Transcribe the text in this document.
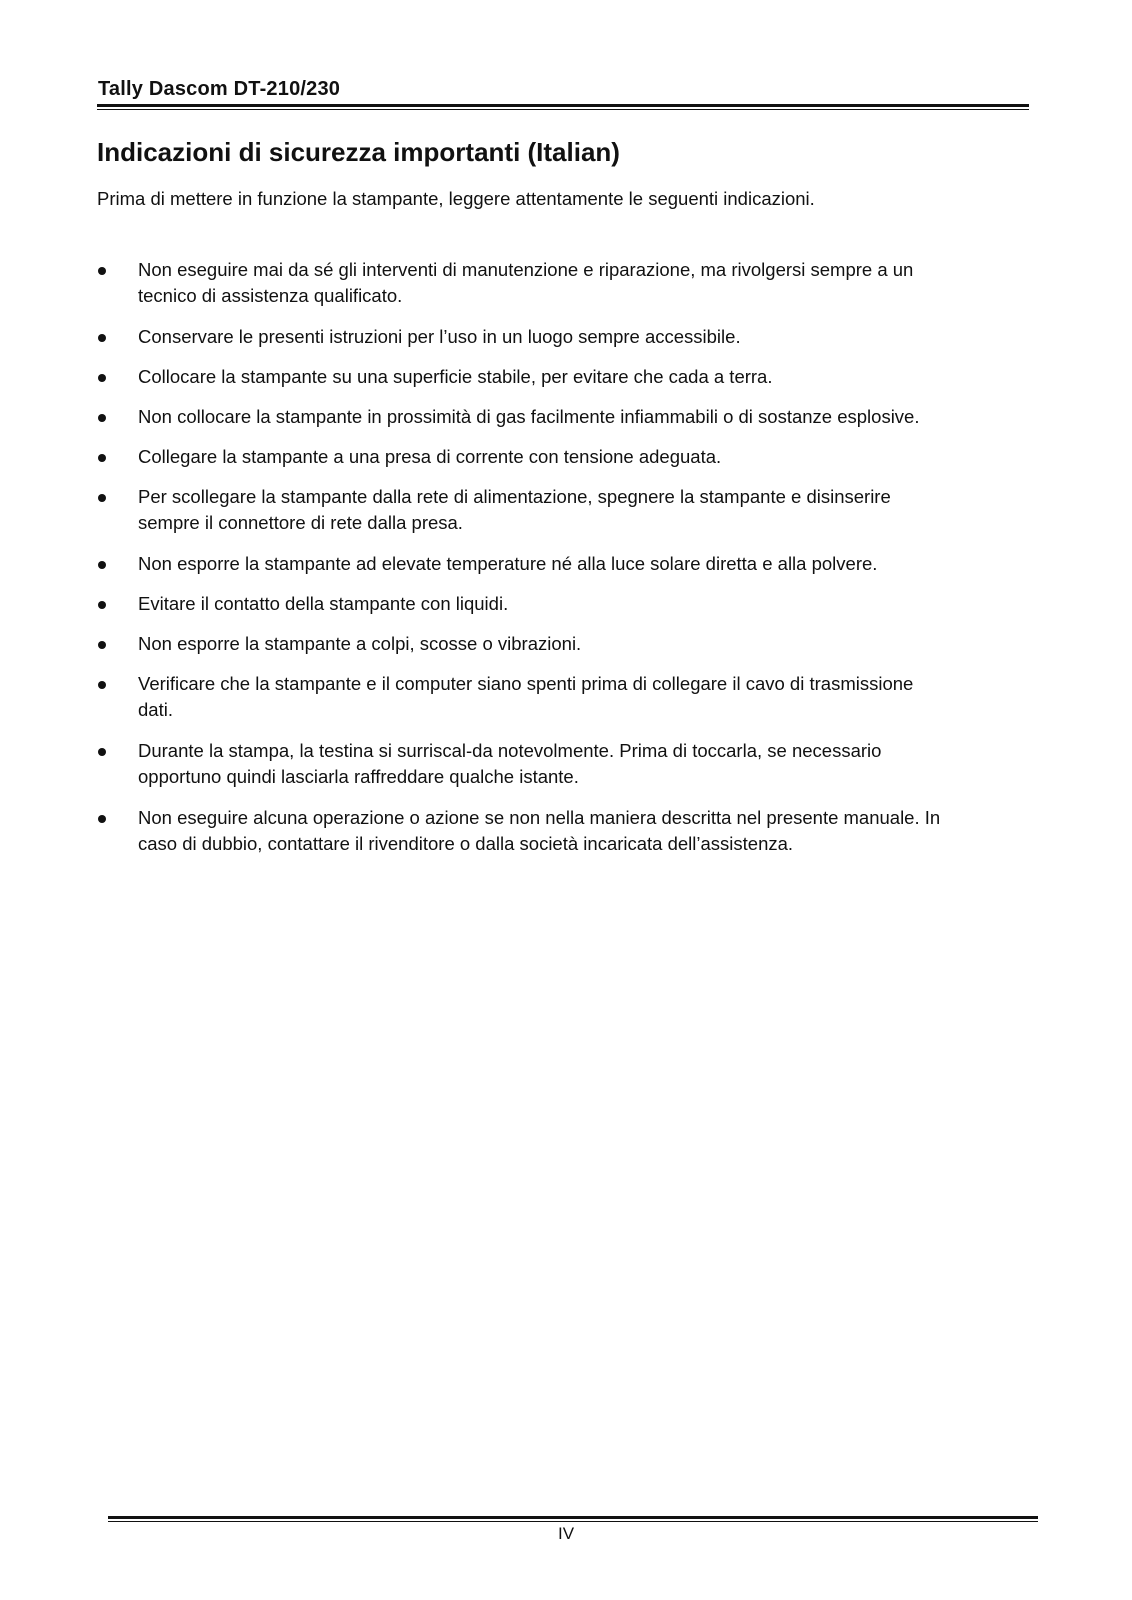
Tally Dascom DT-210/230
Indicazioni di sicurezza importanti (Italian)
Prima di mettere in funzione la stampante, leggere attentamente le seguenti indicazioni.
Non eseguire mai da sé gli interventi di manutenzione e riparazione, ma rivolgersi sempre a un
tecnico di assistenza qualificato.
Conservare le presenti istruzioni per l’uso in un luogo sempre accessibile.
Collocare la stampante su una superficie stabile, per evitare che cada a terra.
Non collocare la stampante in prossimità di gas facilmente infiammabili o di sostanze esplosive.
Collegare la stampante a una presa di corrente con tensione adeguata.
Per scollegare la stampante dalla rete di alimentazione, spegnere la stampante e disinserire
sempre il connettore di rete dalla presa.
Non esporre la stampante ad elevate temperature né alla luce solare diretta e alla polvere.
Evitare il contatto della stampante con liquidi.
Non esporre la stampante a colpi, scosse o vibrazioni.
Verificare che la stampante e il computer siano spenti prima di collegare il cavo di trasmissione
dati.
Durante la stampa, la testina si surriscal-da notevolmente. Prima di toccarla, se necessario
opportuno quindi lasciarla raffreddare qualche istante.
Non eseguire alcuna operazione o azione se non nella maniera descritta nel presente manuale. In
caso di dubbio, contattare il rivenditore o dalla società incaricata dell’assistenza.
IV
